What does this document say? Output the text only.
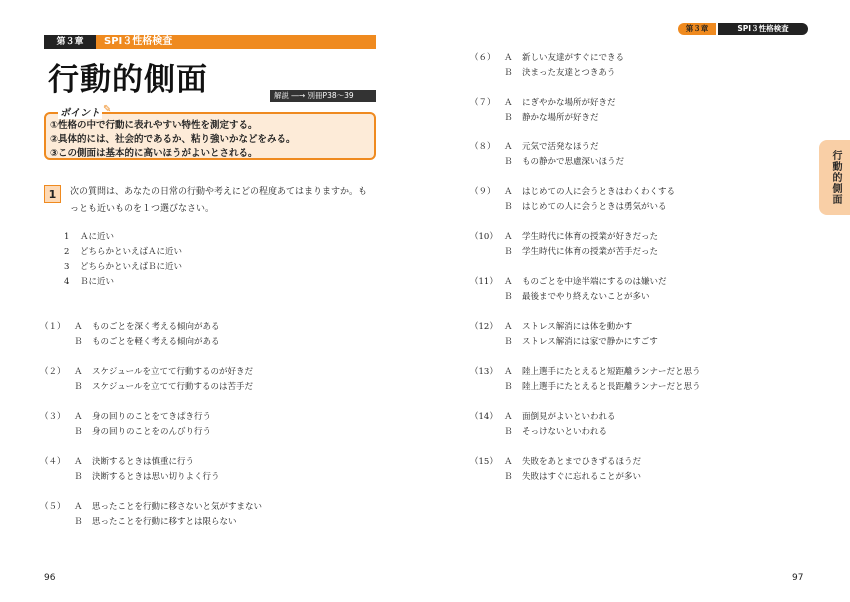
第３章	SPI３性格検査
行動的側面	解説 ―→ 別冊P38～39
ポイント ✎
①性格の中で行動に表れやすい特性を測定する。
②具体的には、社会的であるか、粘り強いかなどをみる。
③この側面は基本的に高いほうがよいとされる。
1	次の質問は、あなたの日常の行動や考えにどの程度あてはまりますか。も
っとも近いものを１つ選びなさい。
1 Ａに近い
2 どちらかといえばＡに近い
3 どちらかといえばＢに近い
4 Ｂに近い
（１） Ａ ものごとを深く考える傾向がある
Ｂ ものごとを軽く考える傾向がある
（２） Ａ スケジュールを立てて行動するのが好きだ
Ｂ スケジュールを立てて行動するのは苦手だ
（３） Ａ 身の回りのことをてきぱき行う
Ｂ 身の回りのことをのんびり行う
（４） Ａ 決断するときは慎重に行う
Ｂ 決断するときは思い切りよく行う
（５） Ａ 思ったことを行動に移さないと気がすまない
Ｂ 思ったことを行動に移すとは限らない
96
第３章	SPI３性格検査
行動的側面
（６） Ａ 新しい友達がすぐにできる
Ｂ 決まった友達とつきあう
（７） Ａ にぎやかな場所が好きだ
Ｂ 静かな場所が好きだ
（８） Ａ 元気で活発なほうだ
Ｂ もの静かで思慮深いほうだ
（９） Ａ はじめての人に会うときはわくわくする
Ｂ はじめての人に会うときは勇気がいる
（10） Ａ 学生時代に体育の授業が好きだった
Ｂ 学生時代に体育の授業が苦手だった
（11） Ａ ものごとを中途半端にするのは嫌いだ
Ｂ 最後までやり終えないことが多い
（12） Ａ ストレス解消には体を動かす
Ｂ ストレス解消には家で静かにすごす
（13） Ａ 陸上選手にたとえると短距離ランナーだと思う
Ｂ 陸上選手にたとえると長距離ランナーだと思う
（14） Ａ 面倒見がよいといわれる
Ｂ そっけないといわれる
（15） Ａ 失敗をあとまでひきずるほうだ
Ｂ 失敗はすぐに忘れることが多い
97
